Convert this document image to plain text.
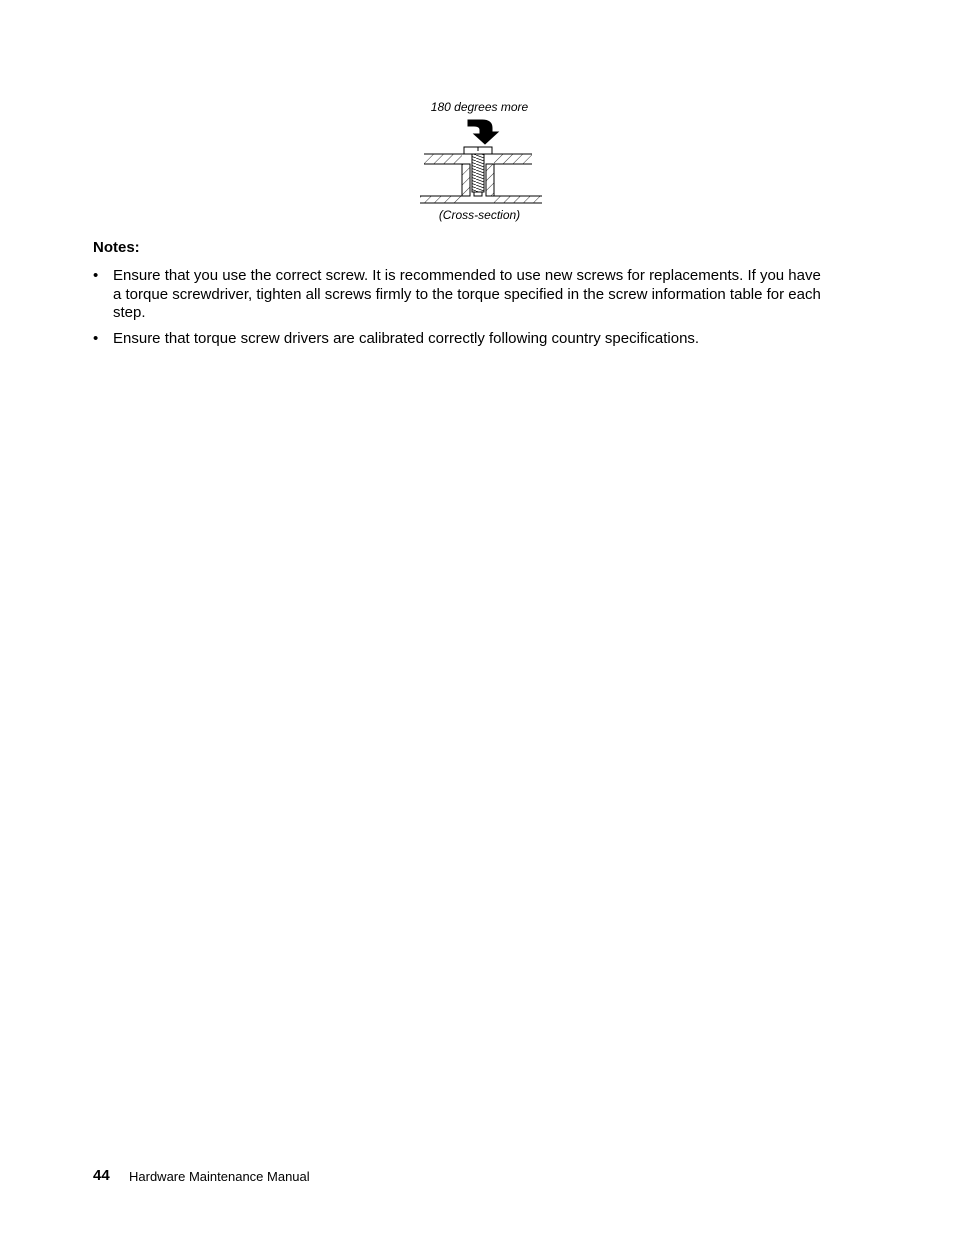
180 degrees more
(Cross-section)
Notes:
• Ensure that you use the correct screw. It is recommended to use new screws for replacements. If you have a torque screwdriver, tighten all screws firmly to the torque specified in the screw information table for each step.
• Ensure that torque screw drivers are calibrated correctly following country specifications.
44 Hardware Maintenance Manual
